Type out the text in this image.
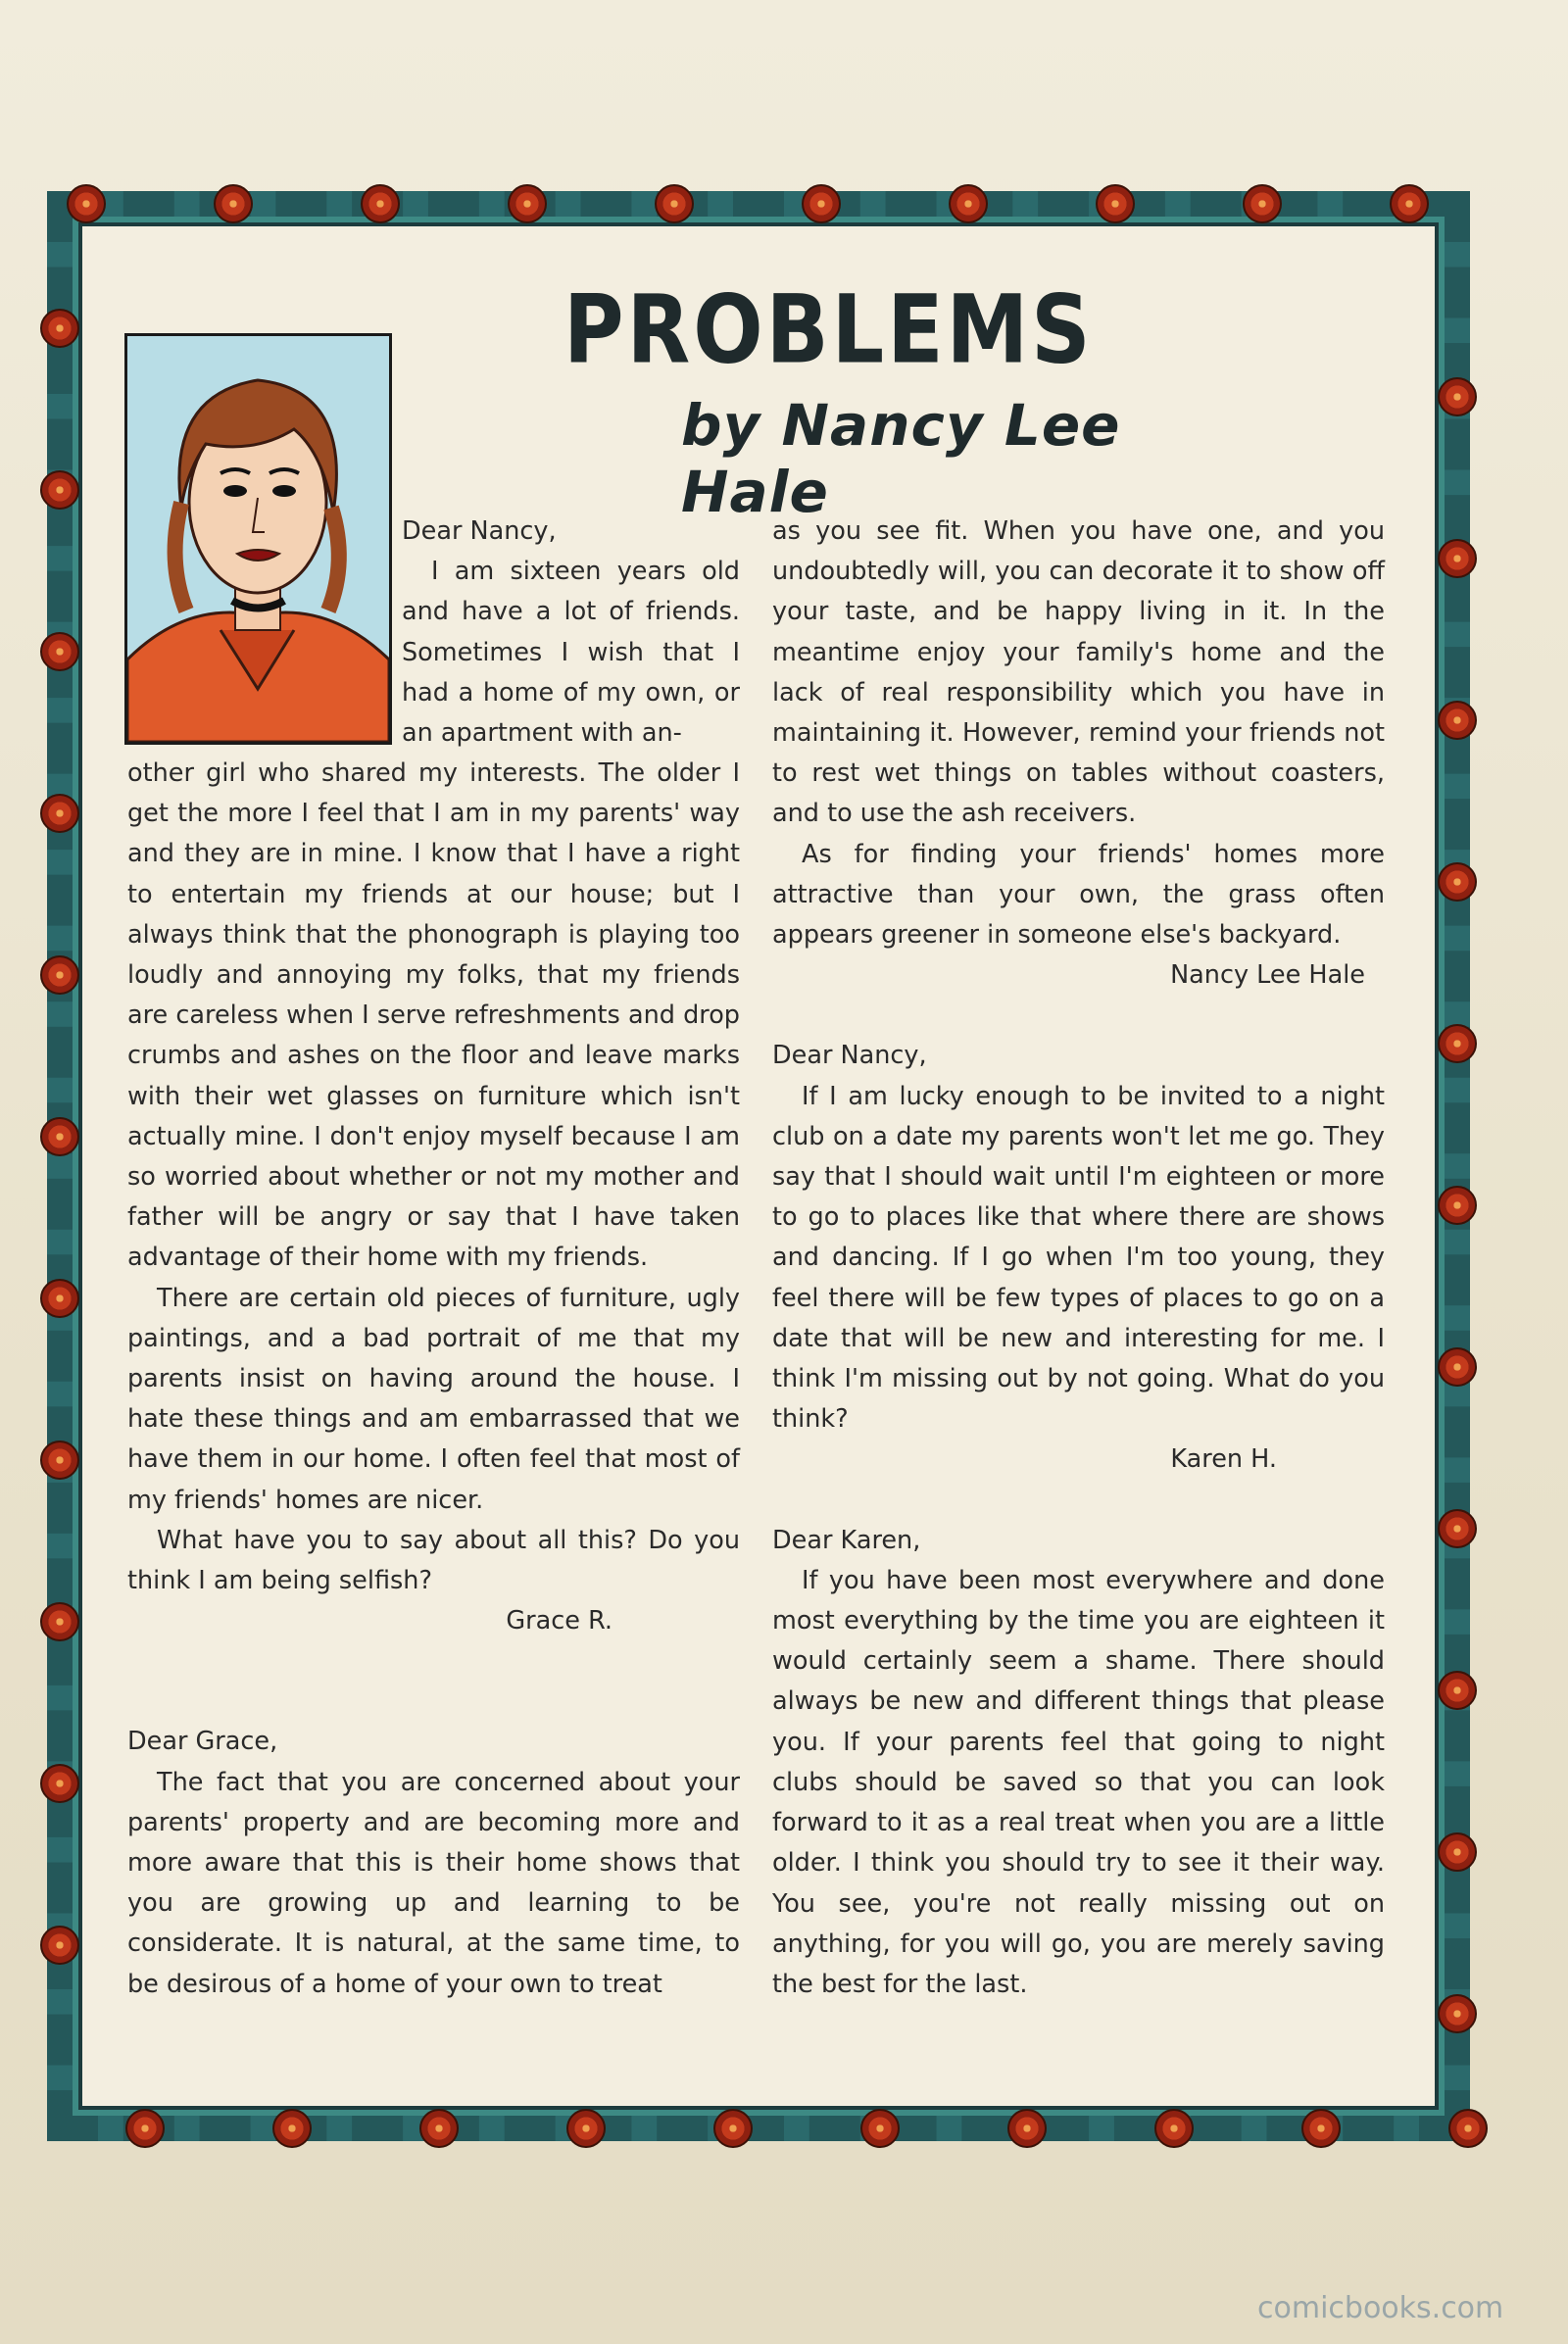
PROBLEMS
by Nancy Lee Hale

Dear Nancy,

I am sixteen years old and have a lot of friends. Sometimes I wish that I had a home of my own, or an apartment with an-

other girl who shared my interests. The older I get the more I feel that I am in my parents' way and they are in mine. I know that I have a right to entertain my friends at our house; but I always think that the phonograph is playing too loudly and annoying my folks, that my friends are careless when I serve refreshments and drop crumbs and ashes on the floor and leave marks with their wet glasses on furniture which isn't actually mine. I don't enjoy myself because I am so worried about whether or not my mother and father will be angry or say that I have taken advantage of their home with my friends.

There are certain old pieces of furniture, ugly paintings, and a bad portrait of me that my parents insist on having around the house. I hate these things and am embarrassed that we have them in our home. I often feel that most of my friends' homes are nicer.

What have you to say about all this? Do you think I am being selfish?

Grace R.

Dear Grace,

The fact that you are concerned about your parents' property and are becoming more and more aware that this is their home shows that you are growing up and learning to be considerate. It is natural, at the same time, to be desirous of a home of your own to treat

as you see fit. When you have one, and you undoubtedly will, you can decorate it to show off your taste, and be happy living in it. In the meantime enjoy your family's home and the lack of real responsibility which you have in maintaining it. However, remind your friends not to rest wet things on tables without coasters, and to use the ash receivers.

As for finding your friends' homes more attractive than your own, the grass often appears greener in someone else's backyard.

Nancy Lee Hale

Dear Nancy,

If I am lucky enough to be invited to a night club on a date my parents won't let me go. They say that I should wait until I'm eighteen or more to go to places like that where there are shows and dancing. If I go when I'm too young, they feel there will be few types of places to go on a date that will be new and interesting for me. I think I'm missing out by not going. What do you think?

Karen H.

Dear Karen,

If you have been most everywhere and done most everything by the time you are eighteen it would certainly seem a shame. There should always be new and different things that please you. If your parents feel that going to night clubs should be saved so that you can look forward to it as a real treat when you are a little older. I think you should try to see it their way. You see, you're not really missing out on anything, for you will go, you are merely saving the best for the last.

comicbooks.com
